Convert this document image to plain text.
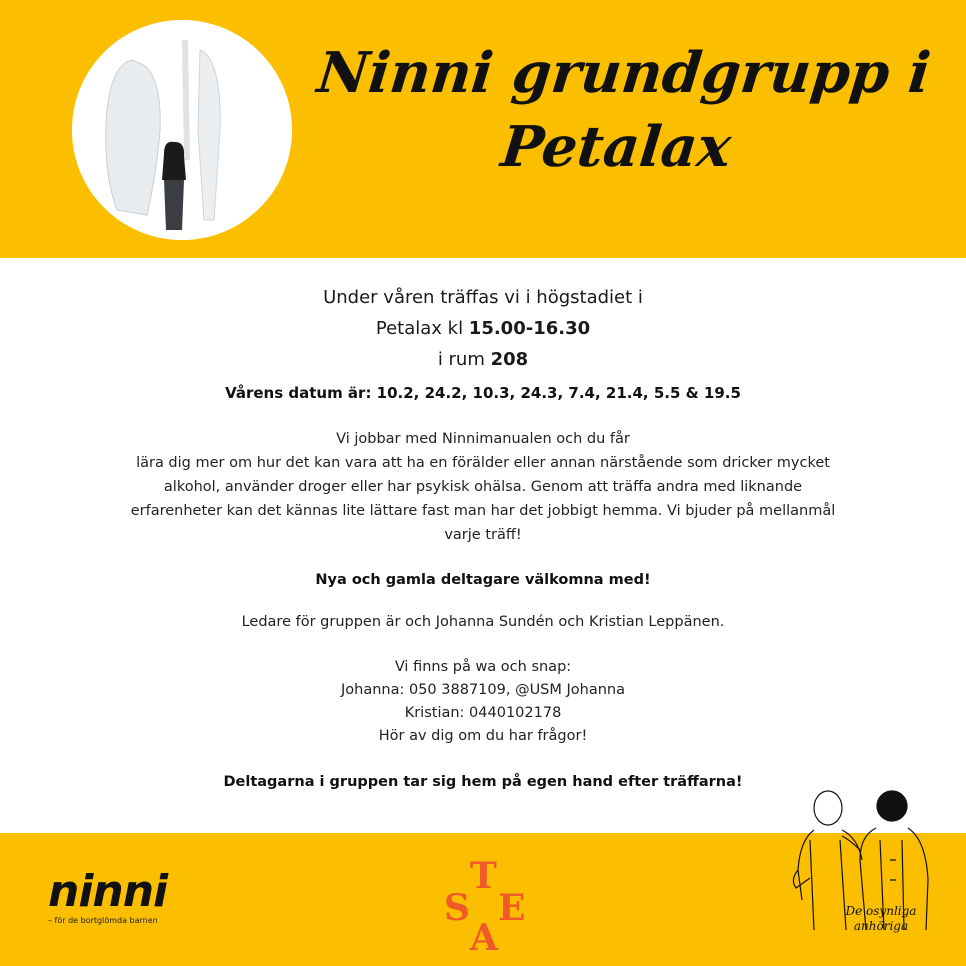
Ninni grundgrupp i
Petalax
Under våren träffas vi i högstadiet i
Petalax kl 15.00-16.30
i rum 208
Vårens datum är: 10.2, 24.2, 10.3, 24.3, 7.4, 21.4, 5.5 & 19.5
Vi jobbar med Ninnimanualen och du får
lära dig mer om hur det kan vara att ha en förälder eller annan närstående som dricker mycket
alkohol, använder droger eller har psykisk ohälsa. Genom att träffa andra med liknande
erfarenheter kan det kännas lite lättare fast man har det jobbigt hemma. Vi bjuder på mellanmål
varje träff!
Nya och gamla deltagare välkomna med!
Ledare för gruppen är och Johanna Sundén och Kristian Leppänen.
Vi finns på wa och snap:
Johanna: 050 3887109, @USM Johanna
Kristian: 0440102178
Hör av dig om du har frågor!
Deltagarna i gruppen tar sig hem på egen hand efter träffarna!
ninni
– för de bortglömda barnen
T
S E
A
De osynliga
anhöriga
